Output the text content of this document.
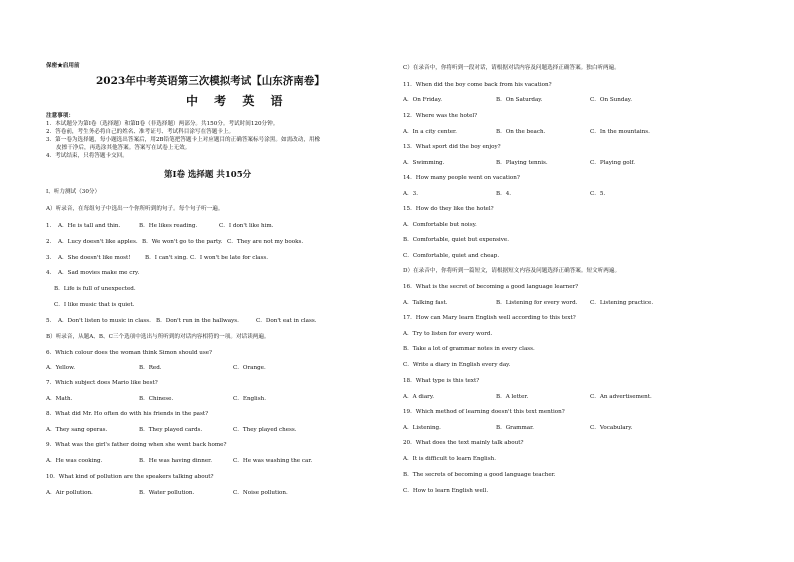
保密★启用前
2023年中考英语第三次模拟考试【山东济南卷】
中 考 英 语
注意事项：
1．本试题分为第Ⅰ卷（选择题）和第Ⅱ卷（非选择题）两部分。共150分。考试时间120分钟。
2．答卷前，考生务必将自己的姓名、准考证号、考试科目涂写在答题卡上。
3．第一卷为选择题，每小题选出答案后，用2B铅笔把答题卡上对应题目的正确答案标号涂黑。如需改动，用橡
皮擦干净后，再选涂其他答案。答案写在试卷上无效。
4．考试结束，只将答题卡交回。
第Ⅰ卷 选择题 共105分
Ⅰ、听力测试（30分）
A）听录音，在每组句子中选出一个你所听到的句子。每个句子听一遍。
1． A．He is tall and thin.	B．He likes reading.	C．I don't like him.
2． A．Lucy doesn't like apples. B．We won't go to the party. C．They are not my books.
3． A．She doesn't like most!	B．I can't sing. C．I won't be late for class.
4． A．Sad movies make me cry.
B．Life is full of unexpected.
C．I like music that is quiet.
5． A．Don't listen to music in class. B．Don't run in the hallways.	C．Don't eat in class.
B）听录音，从题A、B、C三个选项中选出与所听到的对话内容相符的一项。对话读两遍。
6．Which colour does the woman think Simon should use?
A．Yellow.	B．Red.	C．Orange.
7．Which subject does Mario like best?
A．Math.	B．Chinese.	C．English.
8．What did Mr. Ho often do with his friends in the past?
A．They sang operas.	B．They played cards.	C．They played chess.
9．What was the girl's father doing when she went back home?
A．He was cooking.	B．He was having dinner.	C．He was washing the car.
10．What kind of pollution are the speakers talking about?
A．Air pollution.	B．Water pollution.	C．Noise pollution.
C）在录音中，你将听到一段对话，请根据对话内容及问题选择正确答案。独白听两遍。
11．When did the boy come back from his vacation?
A．On Friday.	B．On Saturday.	C．On Sunday.
12．Where was the hotel?
A．In a city center.	B．On the beach.	C．In the mountains.
13．What sport did the boy enjoy?
A．Swimming.	B．Playing tennis.	C．Playing golf.
14．How many people went on vacation?
A．3.	B．4.	C．5.
15．How do they like the hotel?
A．Comfortable but noisy.
B．Comfortable, quiet but expensive.
C．Comfortable, quiet and cheap.
D）在录音中，你将听到一篇短文，请根据短文内容及问题选择正确答案。短文听两遍。
16．What is the secret of becoming a good language learner?
A．Talking fast.	B．Listening for every word. C．Listening practice.
17．How can Mary learn English well according to this text?
A．Try to listen for every word.
B．Take a lot of grammar notes in every class.
C．Write a diary in English every day.
18．What type is this text?
A．A diary.	B．A letter.	C．An advertisement.
19．Which method of learning doesn't this text mention?
A．Listening.	B．Grammar.	C．Vocabulary.
20．What does the text mainly talk about?
A．It is difficult to learn English.
B．The secrets of becoming a good language teacher.
C．How to learn English well.
